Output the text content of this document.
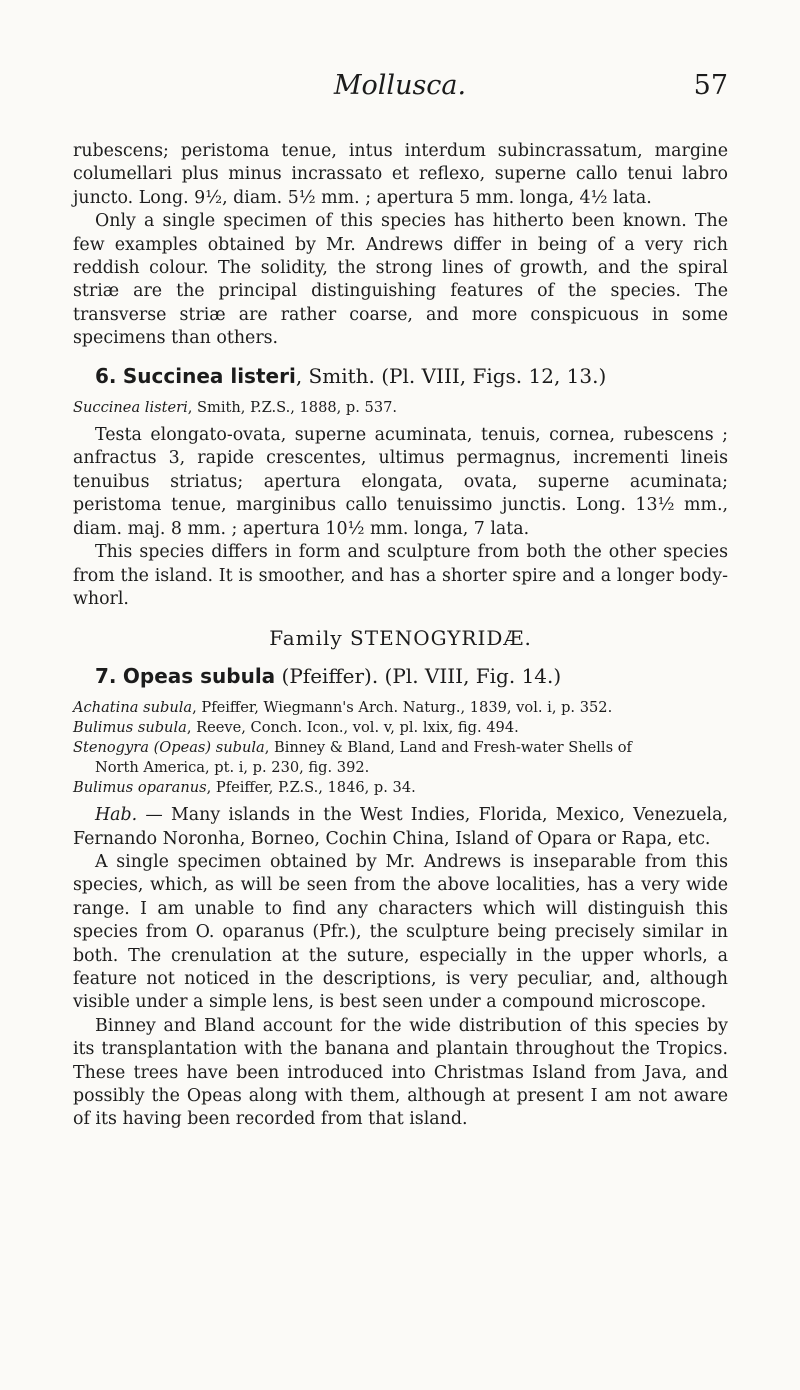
Mollusca.	57

rubescens; peristoma tenue, intus interdum subincrassatum, margine columellari plus minus incrassato et reflexo, superne callo tenui labro juncto. Long. 9½, diam. 5½ mm. ; apertura 5 mm. longa, 4½ lata.

Only a single specimen of this species has hitherto been known. The few examples obtained by Mr. Andrews differ in being of a very rich reddish colour. The solidity, the strong lines of growth, and the spiral striæ are the principal distinguishing features of the species. The transverse striæ are rather coarse, and more conspicuous in some specimens than others.

6. Succinea listeri, Smith. (Pl. VIII, Figs. 12, 13.)
Succinea listeri, Smith, P.Z.S., 1888, p. 537.

Testa elongato-ovata, superne acuminata, tenuis, cornea, rubescens ; anfractus 3, rapide crescentes, ultimus permagnus, incrementi lineis tenuibus striatus; apertura elongata, ovata, superne acuminata; peristoma tenue, marginibus callo tenuissimo junctis. Long. 13½ mm., diam. maj. 8 mm. ; apertura 10½ mm. longa, 7 lata.

This species differs in form and sculpture from both the other species from the island. It is smoother, and has a shorter spire and a longer body-whorl.

Family STENOGYRIDÆ.
7. Opeas subula (Pfeiffer). (Pl. VIII, Fig. 14.)
Achatina subula, Pfeiffer, Wiegmann's Arch. Naturg., 1839, vol. i, p. 352.
Bulimus subula, Reeve, Conch. Icon., vol. v, pl. lxix, fig. 494.
Stenogyra (Opeas) subula, Binney & Bland, Land and Fresh-water Shells of
North America, pt. i, p. 230, fig. 392.
Bulimus oparanus, Pfeiffer, P.Z.S., 1846, p. 34.

Hab. — Many islands in the West Indies, Florida, Mexico, Venezuela, Fernando Noronha, Borneo, Cochin China, Island of Opara or Rapa, etc.

A single specimen obtained by Mr. Andrews is inseparable from this species, which, as will be seen from the above localities, has a very wide range. I am unable to find any characters which will distinguish this species from O. oparanus (Pfr.), the sculpture being precisely similar in both. The crenulation at the suture, especially in the upper whorls, a feature not noticed in the descriptions, is very peculiar, and, although visible under a simple lens, is best seen under a compound microscope.

Binney and Bland account for the wide distribution of this species by its transplantation with the banana and plantain throughout the Tropics. These trees have been introduced into Christmas Island from Java, and possibly the Opeas along with them, although at present I am not aware of its having been recorded from that island.
